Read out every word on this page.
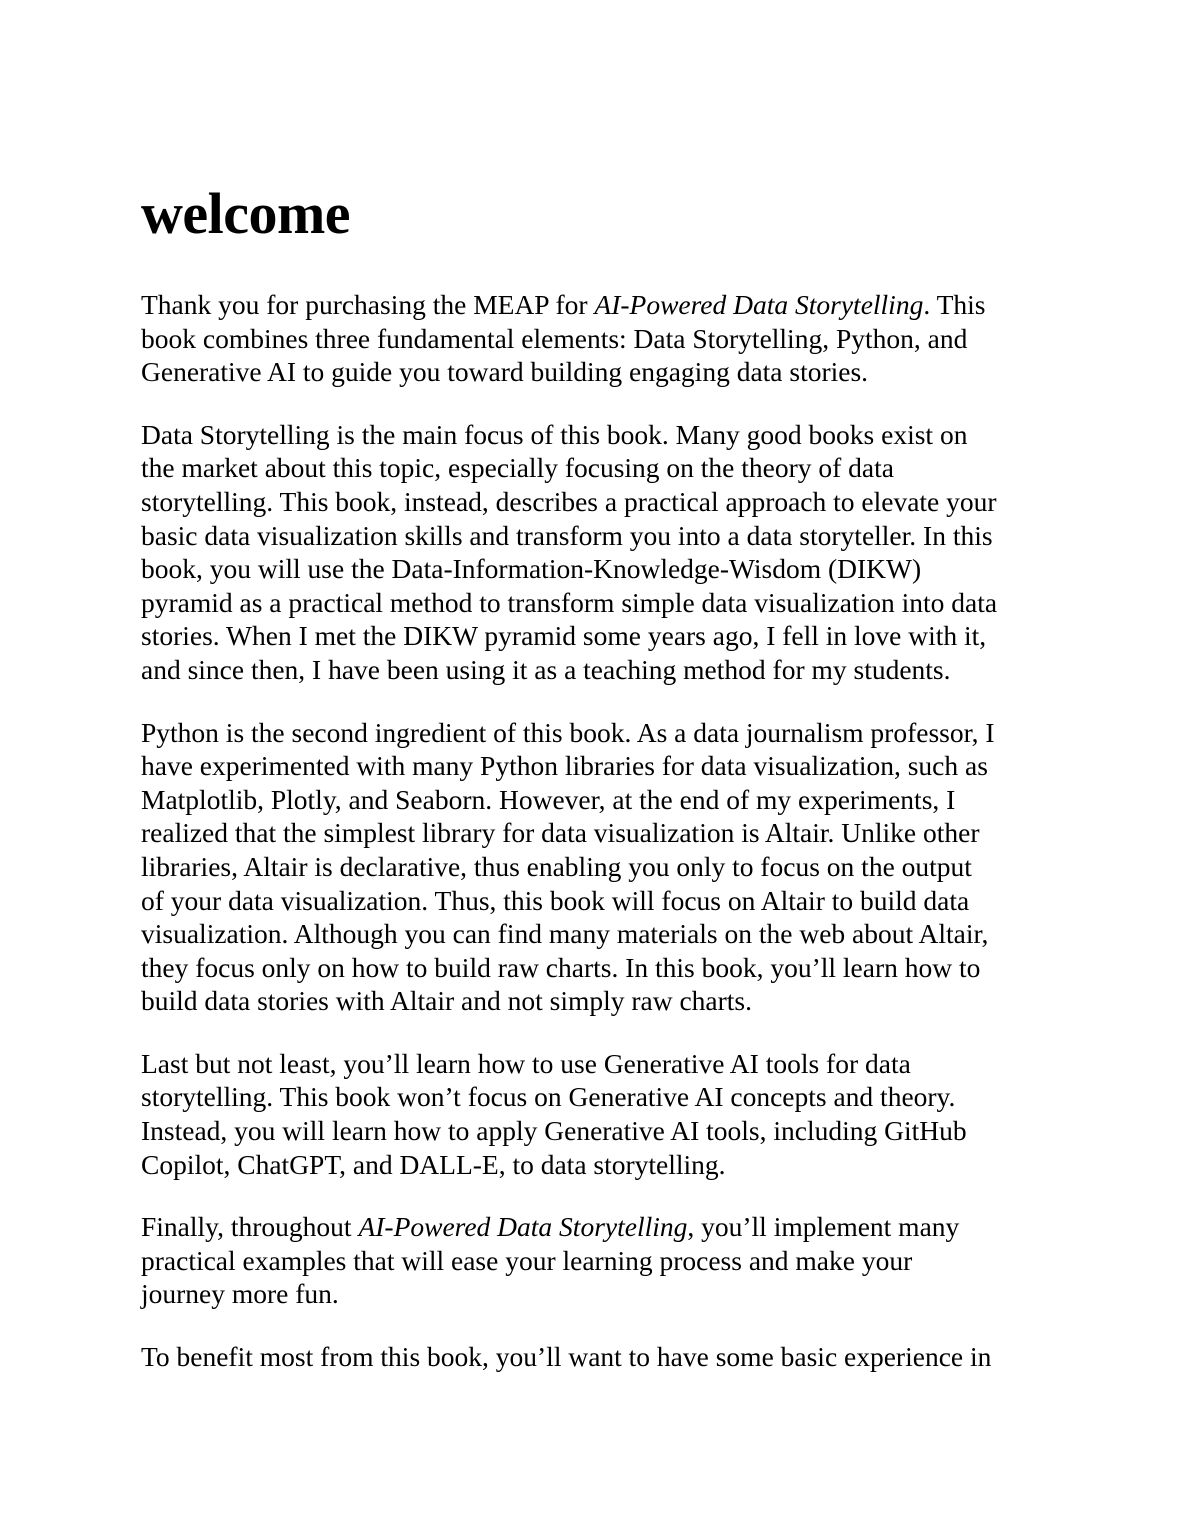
welcome

Thank you for purchasing the MEAP for AI-Powered Data Storytelling. This
book combines three fundamental elements: Data Storytelling, Python, and
Generative AI to guide you toward building engaging data stories.

Data Storytelling is the main focus of this book. Many good books exist on
the market about this topic, especially focusing on the theory of data
storytelling. This book, instead, describes a practical approach to elevate your
basic data visualization skills and transform you into a data storyteller. In this
book, you will use the Data-Information-Knowledge-Wisdom (DIKW)
pyramid as a practical method to transform simple data visualization into data
stories. When I met the DIKW pyramid some years ago, I fell in love with it,
and since then, I have been using it as a teaching method for my students.

Python is the second ingredient of this book. As a data journalism professor, I
have experimented with many Python libraries for data visualization, such as
Matplotlib, Plotly, and Seaborn. However, at the end of my experiments, I
realized that the simplest library for data visualization is Altair. Unlike other
libraries, Altair is declarative, thus enabling you only to focus on the output
of your data visualization. Thus, this book will focus on Altair to build data
visualization. Although you can find many materials on the web about Altair,
they focus only on how to build raw charts. In this book, you’ll learn how to
build data stories with Altair and not simply raw charts.

Last but not least, you’ll learn how to use Generative AI tools for data
storytelling. This book won’t focus on Generative AI concepts and theory.
Instead, you will learn how to apply Generative AI tools, including GitHub
Copilot, ChatGPT, and DALL-E, to data storytelling.

Finally, throughout AI-Powered Data Storytelling, you’ll implement many
practical examples that will ease your learning process and make your
journey more fun.

To benefit most from this book, you’ll want to have some basic experience in
